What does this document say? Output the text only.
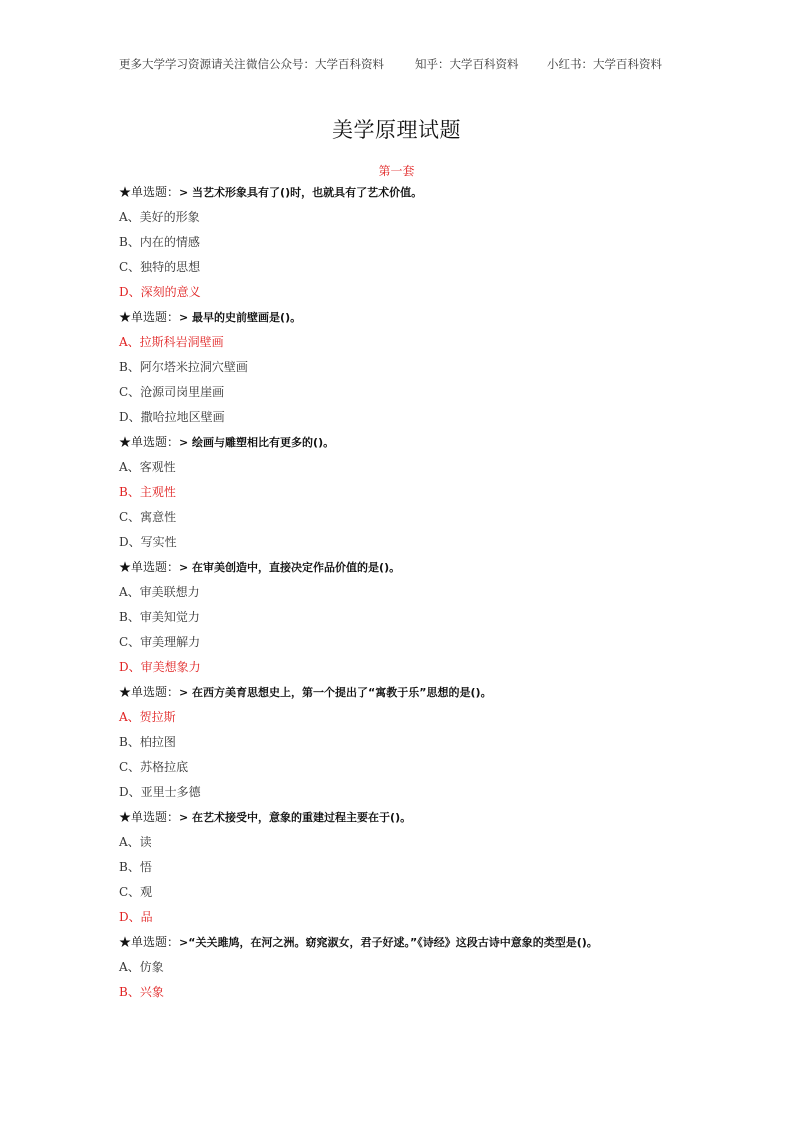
更多大学学习资源请关注 微信公众号：大学百科资料	知乎：大学百科资料 小红书：大学百科资料
美学原理试题
第一套
★单选题：> 当艺术形象具有了()时，也就具有了艺术价值。
A、美好的形象
B、内在的情感
C、独特的思想
D、深刻的意义
★单选题：> 最早的史前壁画是()。
A、拉斯科岩洞壁画
B、阿尔塔米拉洞穴壁画
C、沧源司岗里崖画
D、撒哈拉地区壁画
★单选题：> 绘画与雕塑相比有更多的()。
A、客观性
B、主观性
C、寓意性
D、写实性
★单选题：> 在审美创造中，直接决定作品价值的是()。
A、审美联想力
B、审美知觉力
C、审美理解力
D、审美想象力
★单选题：> 在西方美育思想史上，第一个提出了“寓教于乐”思想的是()。
A、贺拉斯
B、柏拉图
C、苏格拉底
D、亚里士多德
★单选题：> 在艺术接受中，意象的重建过程主要在于()。
A、读
B、悟
C、观
D、品
★单选题：>“关关雎鸠，在河之洲。窈窕淑女，君子好逑。”《诗经》这段古诗中意象的类型是()。
A、仿象
B、兴象
